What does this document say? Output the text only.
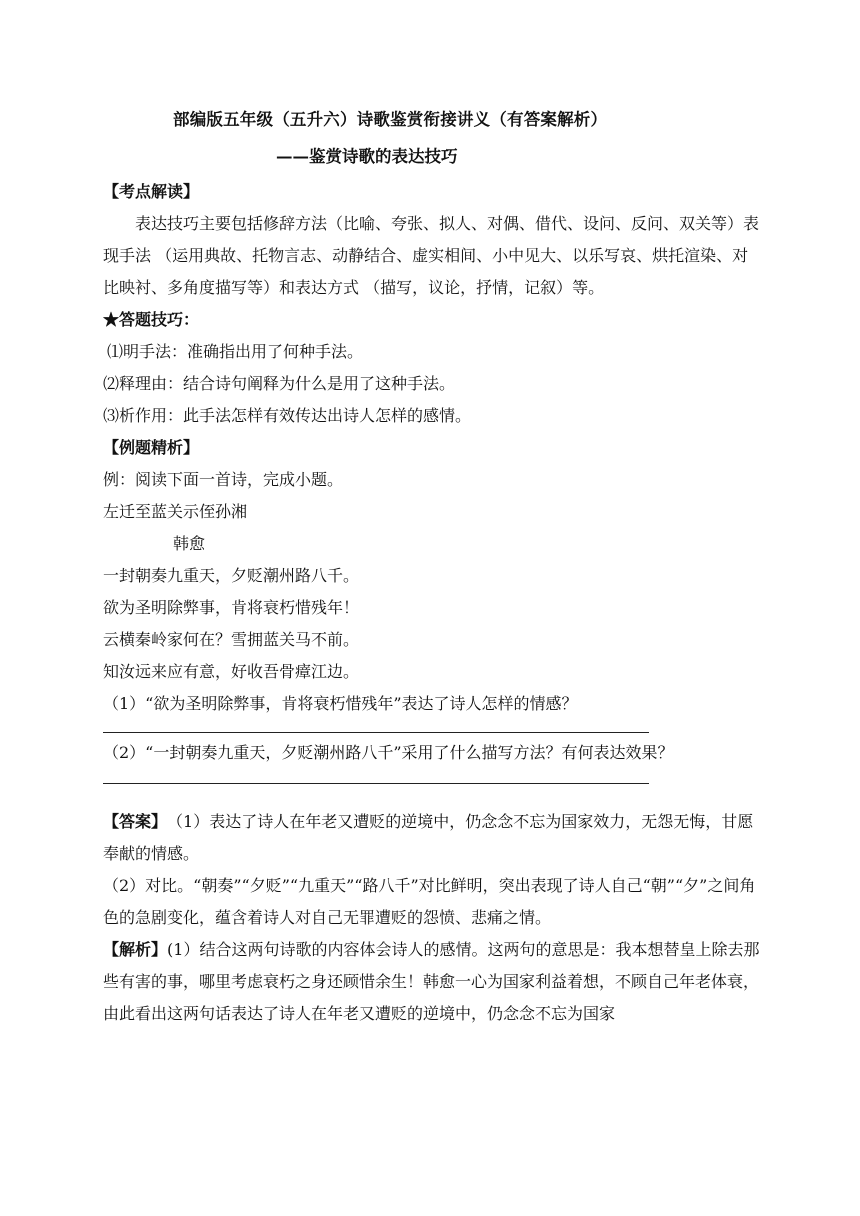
部编版五年级（五升六）诗歌鉴赏衔接讲义（有答案解析）
——鉴赏诗歌的表达技巧

【考点解读】

表达技巧主要包括修辞方法（比喻、夸张、拟人、对偶、借代、设问、反问、双关等）表现手法 （运用典故、托物言志、动静结合、虚实相间、小中见大、以乐写哀、烘托渲染、对比映衬、多角度描写等）和表达方式 （描写，议论，抒情，记叙）等。

★答题技巧：

⑴明手法：准确指出用了何种手法。

⑵释理由：结合诗句阐释为什么是用了这种手法。

⑶析作用：此手法怎样有效传达出诗人怎样的感情。

【例题精析】

例：阅读下面一首诗，完成小题。

左迁至蓝关示侄孙湘

韩愈

一封朝奏九重天，夕贬潮州路八千。

欲为圣明除弊事，肯将衰朽惜残年！

云横秦岭家何在？雪拥蓝关马不前。

知汝远来应有意，好收吾骨瘴江边。

（1）“欲为圣明除弊事，肯将衰朽惜残年”表达了诗人怎样的情感？

（2）“一封朝奏九重天，夕贬潮州路八千”采用了什么描写方法？有何表达效果？

【答案】　（1）表达了诗人在年老又遭贬的逆境中，仍念念不忘为国家效力，无怨无悔，甘愿奉献的情感。

（2）对比。“朝奏”“夕贬”“九重天”“路八千”对比鲜明，突出表现了诗人自己“朝”“夕”之间角色的急剧变化，蕴含着诗人对自己无罪遭贬的怨愤、悲痛之情。

【解析】(1）结合这两句诗歌的内容体会诗人的感情。这两句的意思是：我本想替皇上除去那些有害的事，哪里考虑衰朽之身还顾惜余生！韩愈一心为国家利益着想，不顾自己年老体衰，由此看出这两句话表达了诗人在年老又遭贬的逆境中，仍念念不忘为国家
